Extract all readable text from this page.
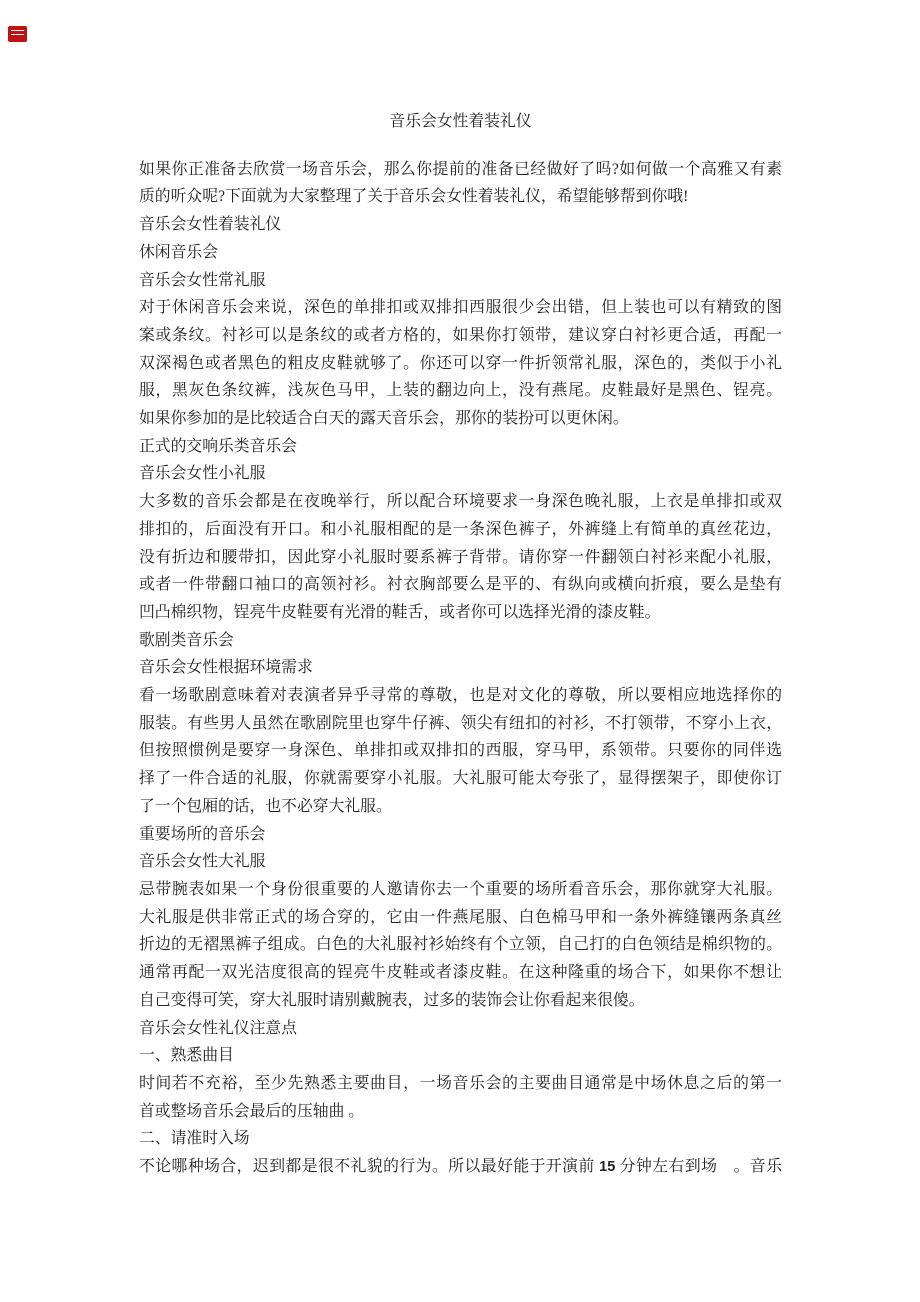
音乐会女性着装礼仪
如果你正准备去欣赏一场音乐会，那么你提前的准备已经做好了吗?如何做一个高雅又有素
质的听众呢?下面就为大家整理了关于音乐会女性着装礼仪，希望能够帮到你哦!
音乐会女性着装礼仪
休闲音乐会
音乐会女性常礼服
对于休闲音乐会来说，深色的单排扣或双排扣西服很少会出错，但上装也可以有精致的图
案或条纹。衬衫可以是条纹的或者方格的，如果你打领带，建议穿白衬衫更合适，再配一
双深褐色或者黑色的粗皮皮鞋就够了。你还可以穿一件折领常礼服，深色的，类似于小礼
服，黑灰色条纹裤，浅灰色马甲，上装的翻边向上，没有燕尾。皮鞋最好是黑色、锃亮。
如果你参加的是比较适合白天的露天音乐会，那你的装扮可以更休闲。
正式的交响乐类音乐会
音乐会女性小礼服
大多数的音乐会都是在夜晚举行，所以配合环境要求一身深色晚礼服，上衣是单排扣或双
排扣的，后面没有开口。和小礼服相配的是一条深色裤子，外裤缝上有简单的真丝花边，
没有折边和腰带扣，因此穿小礼服时要系裤子背带。请你穿一件翻领白衬衫来配小礼服，
或者一件带翻口袖口的高领衬衫。衬衣胸部要么是平的、有纵向或横向折痕，要么是垫有
凹凸棉织物，锃亮牛皮鞋要有光滑的鞋舌，或者你可以选择光滑的漆皮鞋。
歌剧类音乐会
音乐会女性根据环境需求
看一场歌剧意味着对表演者异乎寻常的尊敬，也是对文化的尊敬，所以要相应地选择你的
服装。有些男人虽然在歌剧院里也穿牛仔裤、领尖有纽扣的衬衫，不打领带，不穿小上衣，
但按照惯例是要穿一身深色、单排扣或双排扣的西服，穿马甲，系领带。只要你的同伴选
择了一件合适的礼服，你就需要穿小礼服。大礼服可能太夸张了，显得摆架子，即使你订
了一个包厢的话，也不必穿大礼服。
重要场所的音乐会
音乐会女性大礼服
忌带腕表如果一个身份很重要的人邀请你去一个重要的场所看音乐会，那你就穿大礼服。
大礼服是供非常正式的场合穿的，它由一件燕尾服、白色棉马甲和一条外裤缝镶两条真丝
折边的无褶黑裤子组成。白色的大礼服衬衫始终有个立领，自己打的白色领结是棉织物的。
通常再配一双光洁度很高的锃亮牛皮鞋或者漆皮鞋。在这种隆重的场合下，如果你不想让
自己变得可笑，穿大礼服时请别戴腕表，过多的装饰会让你看起来很傻。
音乐会女性礼仪注意点
一、熟悉曲目
时间若不充裕，至少先熟悉主要曲目，一场音乐会的主要曲目通常是中场休息之后的第一
首或整场音乐会最后的压轴曲 。
二、请准时入场
不论哪种场合，迟到都是很不礼貌的行为。所以最好能于开演前 15 分钟左右到场　。音乐
